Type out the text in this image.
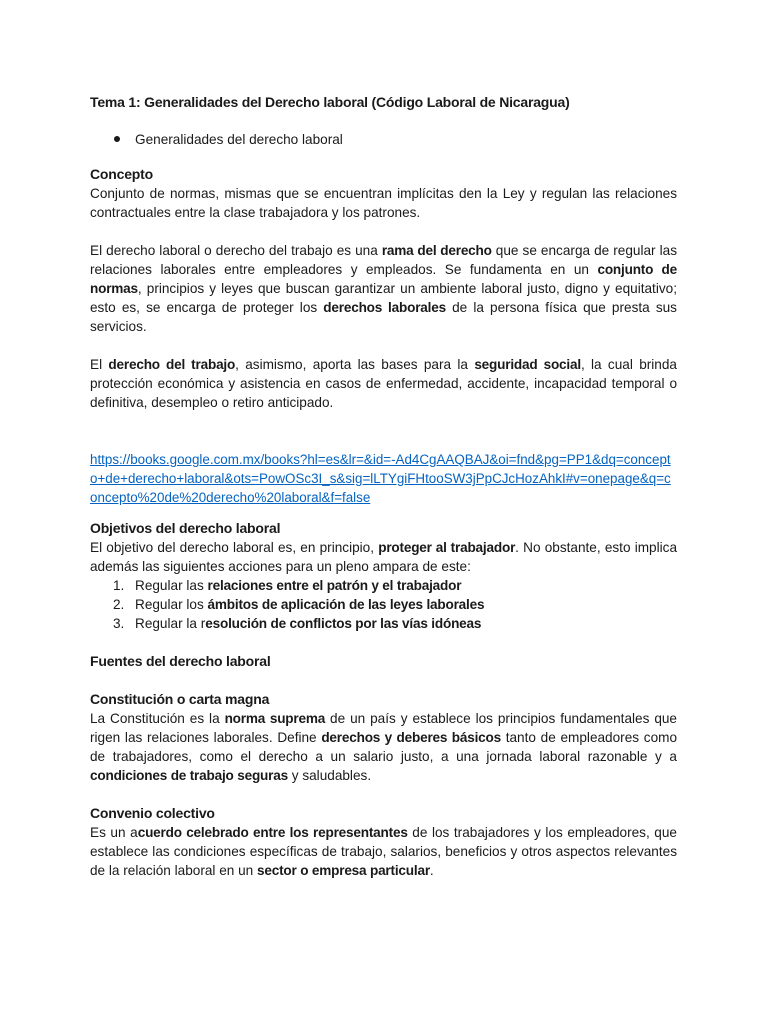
Tema 1: Generalidades del Derecho laboral (Código Laboral de Nicaragua)
Generalidades del derecho laboral
Concepto

Conjunto de normas, mismas que se encuentran implícitas den la Ley y regulan las relaciones contractuales entre la clase trabajadora y los patrones.

El derecho laboral o derecho del trabajo es una rama del derecho que se encarga de regular las relaciones laborales entre empleadores y empleados. Se fundamenta en un conjunto de normas, principios y leyes que buscan garantizar un ambiente laboral justo, digno y equitativo; esto es, se encarga de proteger los derechos laborales de la persona física que presta sus servicios.

El derecho del trabajo, asimismo, aporta las bases para la seguridad social, la cual brinda protección económica y asistencia en casos de enfermedad, accidente, incapacidad temporal o definitiva, desempleo o retiro anticipado.

https://books.google.com.mx/books?hl=es&lr=&id=-Ad4CgAAQBAJ&oi=fnd&pg=PP1&dq=concepto+de+derecho+laboral&ots=PowOSc3I_s&sig=lLTYgiFHtooSW3jPpCJcHozAhkI#v=onepage&q=concepto%20de%20derecho%20laboral&f=false

Objetivos del derecho laboral

El objetivo del derecho laboral es, en principio, proteger al trabajador. No obstante, esto implica además las siguientes acciones para un pleno ampara de este:

1. Regular las relaciones entre el patrón y el trabajador
2. Regular los ámbitos de aplicación de las leyes laborales
3. Regular la resolución de conflictos por las vías idóneas
Fuentes del derecho laboral
Constitución o carta magna

La Constitución es la norma suprema de un país y establece los principios fundamentales que rigen las relaciones laborales. Define derechos y deberes básicos tanto de empleadores como de trabajadores, como el derecho a un salario justo, a una jornada laboral razonable y a condiciones de trabajo seguras y saludables.

Convenio colectivo

Es un acuerdo celebrado entre los representantes de los trabajadores y los empleadores, que establece las condiciones específicas de trabajo, salarios, beneficios y otros aspectos relevantes de la relación laboral en un sector o empresa particular.
